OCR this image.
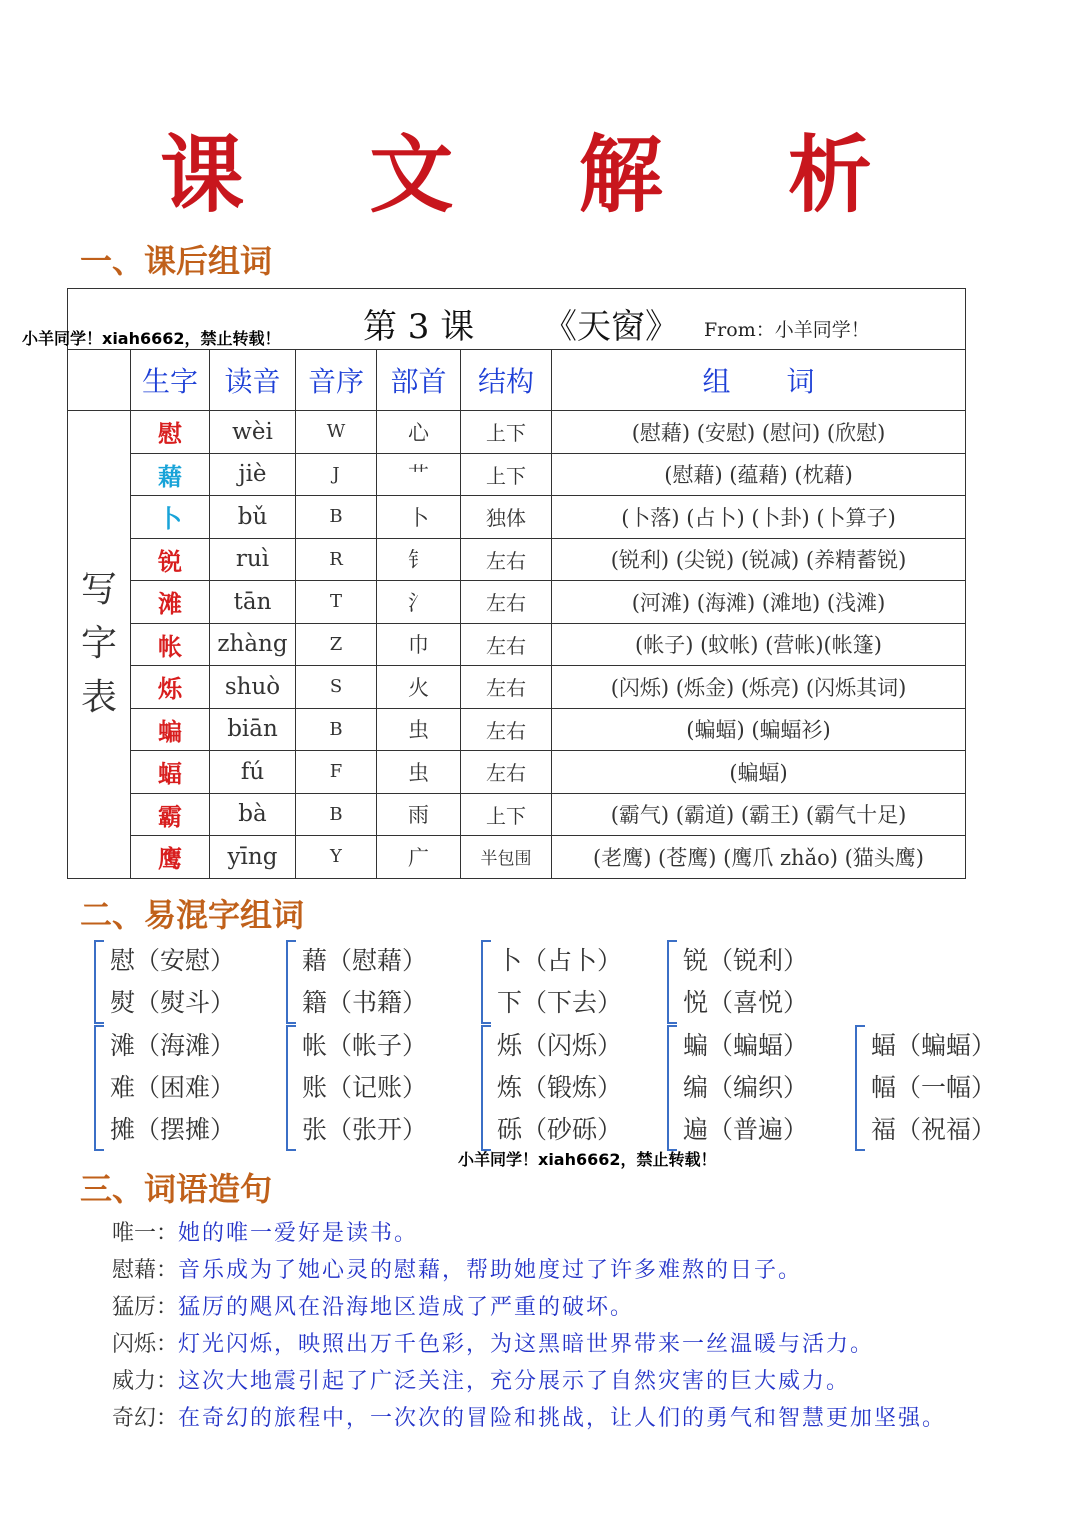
课 文 解 析
一、课后组词
第 3 课 《天窗》 From：小羊同学！						

	生字	读音	音序	部首	结构	组　　词

写字表	慰	wèi	W	心	上下	(慰藉) (安慰) (慰问) (欣慰)
	藉	jiè	J	艹	上下	(慰藉) (蕴藉) (枕藉)
	卜	bǔ	B	卜	独体	(卜落) (占卜) (卜卦) (卜算子)
	锐	ruì	R	钅	左右	(锐利) (尖锐) (锐减) (养精蓄锐)
	滩	tān	T	氵	左右	(河滩) (海滩) (滩地) (浅滩)
	帐	zhàng	Z	巾	左右	(帐子) (蚊帐) (营帐)(帐篷)
	烁	shuò	S	火	左右	(闪烁) (烁金) (烁亮) (闪烁其词)
	蝙	biān	B	虫	左右	(蝙蝠) (蝙蝠衫)
	蝠	fú	F	虫	左右	(蝙蝠)
	霸	bà	B	雨	上下	(霸气) (霸道) (霸王) (霸气十足)
	鹰	yīng	Y	广	半包围	(老鹰) (苍鹰) (鹰爪 zhǎo) (猫头鹰)
小羊同学！xiah6662，禁止转载！
二、易混字组词
慰（安慰）
熨（熨斗）
藉（慰藉）
籍（书籍）
卜（占卜）
下（下去）
锐（锐利）
悦（喜悦）
滩（海滩）
难（困难）
摊（摆摊）
帐（帐子）
账（记账）
张（张开）
烁（闪烁）
炼（锻炼）
砾（砂砾）
蝙（蝙蝠）
编（编织）
遍（普遍）
蝠（蝙蝠）
幅（一幅）
福（祝福）
小羊同学！xiah6662，禁止转载！
三、词语造句
唯一：她的唯一爱好是读书。
慰藉：音乐成为了她心灵的慰藉，帮助她度过了许多难熬的日子。
猛厉：猛厉的飓风在沿海地区造成了严重的破坏。
闪烁：灯光闪烁，映照出万千色彩，为这黑暗世界带来一丝温暖与活力。
威力：这次大地震引起了广泛关注，充分展示了自然灾害的巨大威力。
奇幻：在奇幻的旅程中，一次次的冒险和挑战，让人们的勇气和智慧更加坚强。
